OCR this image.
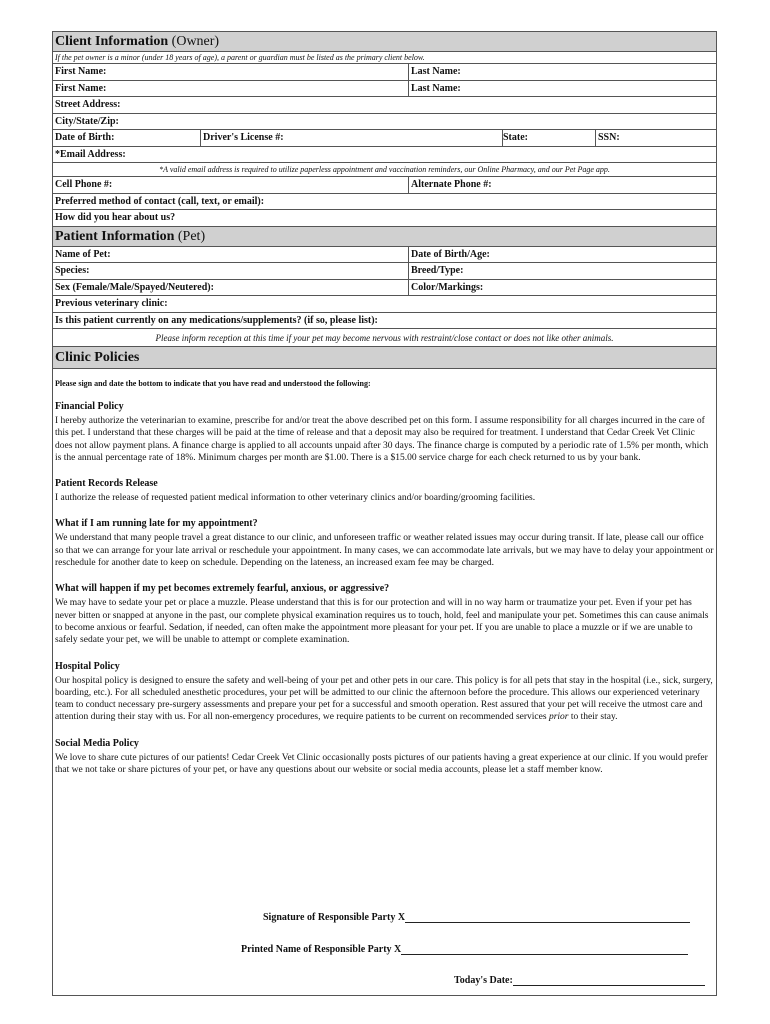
Client Information (Owner)
If the pet owner is a minor (under 18 years of age), a parent or guardian must be listed as the primary client below.
First Name:	Last Name:
First Name:	Last Name:
Street Address:
City/State/Zip:
Date of Birth:	Driver's License #:	State:	SSN:
*Email Address:
*A valid email address is required to utilize paperless appointment and vaccination reminders, our Online Pharmacy, and our Pet Page app.
Cell Phone #:	Alternate Phone #:
Preferred method of contact (call, text, or email):
How did you hear about us?
Patient Information (Pet)
Name of Pet:	Date of Birth/Age:
Species:	Breed/Type:
Sex (Female/Male/Spayed/Neutered):	Color/Markings:
Previous veterinary clinic:
Is this patient currently on any medications/supplements? (if so, please list):
Please inform reception at this time if your pet may become nervous with restraint/close contact or does not like other animals.
Clinic Policies
Please sign and date the bottom to indicate that you have read and understood the following:
Financial Policy
I hereby authorize the veterinarian to examine, prescribe for and/or treat the above described pet on this form. I assume responsibility for all charges incurred in the care of this pet. I understand that these charges will be paid at the time of release and that a deposit may also be required for treatment. I understand that Cedar Creek Vet Clinic does not allow payment plans. A finance charge is applied to all accounts unpaid after 30 days. The finance charge is computed by a periodic rate of 1.5% per month, which is the annual percentage rate of 18%. Minimum charges per month are $1.00. There is a $15.00 service charge for each check returned to us by your bank.
Patient Records Release
I authorize the release of requested patient medical information to other veterinary clinics and/or boarding/grooming facilities.
What if I am running late for my appointment?
We understand that many people travel a great distance to our clinic, and unforeseen traffic or weather related issues may occur during transit. If late, please call our office so that we can arrange for your late arrival or reschedule your appointment. In many cases, we can accommodate late arrivals, but we may have to delay your appointment or reschedule for another date to keep on schedule. Depending on the lateness, an increased exam fee may be charged.
What will happen if my pet becomes extremely fearful, anxious, or aggressive?
We may have to sedate your pet or place a muzzle. Please understand that this is for our protection and will in no way harm or traumatize your pet. Even if your pet has never bitten or snapped at anyone in the past, our complete physical examination requires us to touch, hold, feel and manipulate your pet. Sometimes this can cause animals to become anxious or fearful. Sedation, if needed, can often make the appointment more pleasant for your pet. If you are unable to place a muzzle or if we are unable to safely sedate your pet, we will be unable to attempt or complete examination.
Hospital Policy
Our hospital policy is designed to ensure the safety and well-being of your pet and other pets in our care. This policy is for all pets that stay in the hospital (i.e., sick, surgery, boarding, etc.). For all scheduled anesthetic procedures, your pet will be admitted to our clinic the afternoon before the procedure. This allows our experienced veterinary team to conduct necessary pre-surgery assessments and prepare your pet for a successful and smooth operation. Rest assured that your pet will receive the utmost care and attention during their stay with us. For all non-emergency procedures, we require patients to be current on recommended services prior to their stay.
Social Media Policy
We love to share cute pictures of our patients! Cedar Creek Vet Clinic occasionally posts pictures of our patients having a great experience at our clinic. If you would prefer that we not take or share pictures of your pet, or have any questions about our website or social media accounts, please let a staff member know.
Signature of Responsible Party X
Printed Name of Responsible Party X
Today's Date:
